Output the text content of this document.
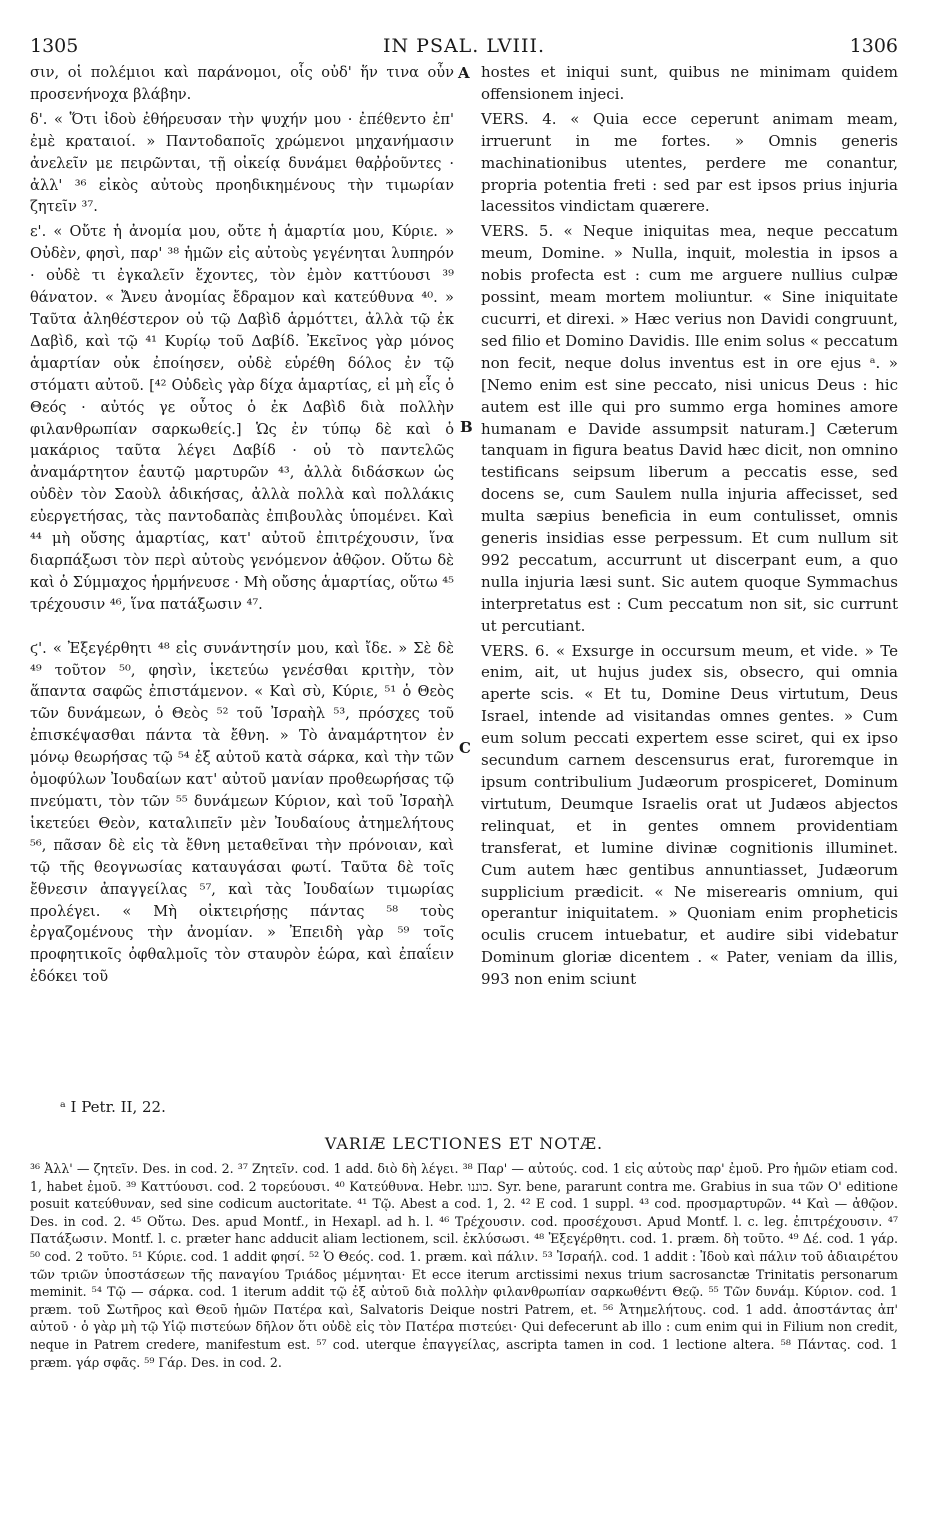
1305	IN PSAL. LVIII.	1306

σιν, οἱ πολέμιοι καὶ παράνομοι, οἷς οὐδ' ἥν τινα οὖν προσενήνοχα βλάβην.

δ'. « Ὅτι ἰδοὺ ἐθήρευσαν τὴν ψυχήν μου · ἐπέθεντο ἐπ' ἐμὲ κραταιοί. » Παντοδαποῖς χρώμενοι μηχανήμασιν ἀνελεῖν με πειρῶνται, τῇ οἰκείᾳ δυνάμει θαῤῥοῦντες · ἀλλ' ³⁶ εἰκὸς αὐτοὺς προηδικημένους τὴν τιμωρίαν ζητεῖν ³⁷.

ε'. « Οὔτε ἡ ἀνομία μου, οὔτε ἡ ἁμαρτία μου, Κύριε. » Οὐδὲν, φησὶ, παρ' ³⁸ ἡμῶν εἰς αὐτοὺς γεγένηται λυπηρόν · οὐδὲ τι ἐγκαλεῖν ἔχοντες, τὸν ἐμὸν καττύουσι ³⁹ θάνατον. « Ἄνευ ἀνομίας ἔδραμον καὶ κατεύθυνα ⁴⁰. » Ταῦτα ἀληθέστερον οὐ τῷ Δαβὶδ ἁρμόττει, ἀλλὰ τῷ ἐκ Δαβὶδ, καὶ τῷ ⁴¹ Κυρίῳ τοῦ Δαβίδ. Ἐκεῖνος γὰρ μόνος ἁμαρτίαν οὐκ ἐποίησεν, οὐδὲ εὑρέθη δόλος ἐν τῷ στόματι αὐτοῦ. [⁴² Οὐδεὶς γὰρ δίχα ἁμαρτίας, εἰ μὴ εἷς ὁ Θεός · αὐτός γε οὗτος ὁ ἐκ Δαβὶδ διὰ πολλὴν φιλανθρωπίαν σαρκωθείς.] Ὡς ἐν τύπῳ δὲ καὶ ὁ μακάριος ταῦτα λέγει Δαβίδ · οὐ τὸ παντελῶς ἀναμάρτητον ἑαυτῷ μαρτυρῶν ⁴³, ἀλλὰ διδάσκων ὡς οὐδὲν τὸν Σαοὺλ ἀδικήσας, ἀλλὰ πολλὰ καὶ πολλάκις εὐεργετήσας, τὰς παντοδαπὰς ἐπιβουλὰς ὑπομένει. Καὶ ⁴⁴ μὴ οὔσης ἁμαρτίας, κατ' αὐτοῦ ἐπιτρέχουσιν, ἵνα διαρπάξωσι τὸν περὶ αὐτοὺς γενόμενον ἀθῷον. Οὕτω δὲ καὶ ὁ Σύμμαχος ἡρμήνευσε · Μὴ οὔσης ἁμαρτίας, οὕτω ⁴⁵ τρέχουσιν ⁴⁶, ἵνα πατάξωσιν ⁴⁷.

ϛ'. « Ἐξεγέρθητι ⁴⁸ εἰς συνάντησίν μου, καὶ ἴδε. » Σὲ δὲ ⁴⁹ τοῦτον ⁵⁰, φησὶν, ἱκετεύω γενέσθαι κριτὴν, τὸν ἅπαντα σαφῶς ἐπιστάμενον. « Καὶ σὺ, Κύριε, ⁵¹ ὁ Θεὸς τῶν δυνάμεων, ὁ Θεὸς ⁵² τοῦ Ἰσραὴλ ⁵³, πρόσχες τοῦ ἐπισκέψασθαι πάντα τὰ ἔθνη. » Τὸ ἀναμάρτητον ἐν μόνῳ θεωρήσας τῷ ⁵⁴ ἐξ αὐτοῦ κατὰ σάρκα, καὶ τὴν τῶν ὁμοφύλων Ἰουδαίων κατ' αὐτοῦ μανίαν προθεωρήσας τῷ πνεύματι, τὸν τῶν ⁵⁵ δυνάμεων Κύριον, καὶ τοῦ Ἰσραὴλ ἱκετεύει Θεὸν, καταλιπεῖν μὲν Ἰουδαίους ἀτημελήτους ⁵⁶, πᾶσαν δὲ εἰς τὰ ἔθνη μεταθεῖναι τὴν πρόνοιαν, καὶ τῷ τῆς θεογνωσίας καταυγάσαι φωτί. Ταῦτα δὲ τοῖς ἔθνεσιν ἀπαγγείλας ⁵⁷, καὶ τὰς Ἰουδαίων τιμωρίας προλέγει. « Μὴ οἰκτειρήσῃς πάντας ⁵⁸ τοὺς ἐργαζομένους τὴν ἀνομίαν. » Ἐπειδὴ γὰρ ⁵⁹ τοῖς προφητικοῖς ὀφθαλμοῖς τὸν σταυρὸν ἑώρα, καὶ ἐπαΐειν ἐδόκει τοῦ

A
B
C

hostes et iniqui sunt, quibus ne minimam quidem offensionem injeci.

VERS. 4. « Quia ecce ceperunt animam meam, irruerunt in me fortes. » Omnis generis machinationibus utentes, perdere me conantur, propria potentia freti : sed par est ipsos prius injuria lacessitos vindictam quærere.

VERS. 5. « Neque iniquitas mea, neque peccatum meum, Domine. » Nulla, inquit, molestia in ipsos a nobis profecta est : cum me arguere nullius culpæ possint, meam mortem moliuntur. « Sine iniquitate cucurri, et direxi. » Hæc verius non Davidi congruunt, sed filio et Domino Davidis. Ille enim solus « peccatum non fecit, neque dolus inventus est in ore ejus ᵃ. » [Nemo enim est sine peccato, nisi unicus Deus : hic autem est ille qui pro summo erga homines amore humanam e Davide assumpsit naturam.] Cæterum tanquam in figura beatus David hæc dicit, non omnino testificans seipsum liberum a peccatis esse, sed docens se, cum Saulem nulla injuria affecisset, sed multa sæpius beneficia in eum contulisset, omnis generis insidias esse perpessum. Et cum nullum sit 992 peccatum, accurrunt ut discerpant eum, a quo nulla injuria læsi sunt. Sic autem quoque Symmachus interpretatus est : Cum peccatum non sit, sic currunt ut percutiant.

VERS. 6. « Exsurge in occursum meum, et vide. » Te enim, ait, ut hujus judex sis, obsecro, qui omnia aperte scis. « Et tu, Domine Deus virtutum, Deus Israel, intende ad visitandas omnes gentes. » Cum eum solum peccati expertem esse sciret, qui ex ipso secundum carnem descensurus erat, furoremque in ipsum contribulium Judæorum prospiceret, Dominum virtutum, Deumque Israelis orat ut Judæos abjectos relinquat, et in gentes omnem providentiam transferat, et lumine divinæ cognitionis illuminet. Cum autem hæc gentibus annuntiasset, Judæorum supplicium prædicit. « Ne miserearis omnium, qui operantur iniquitatem. » Quoniam enim propheticis oculis crucem intuebatur, et audire sibi videbatur Dominum gloriæ dicentem . « Pater, veniam da illis, 993 non enim sciunt

ᵃ I Petr. II, 22.
VARIÆ LECTIONES ET NOTÆ.

³⁶ Ἀλλ' — ζητεῖν. Des. in cod. 2. ³⁷ Ζητεῖν. cod. 1 add. διὸ δὴ λέγει. ³⁸ Παρ' — αὐτούς. cod. 1 εἰς αὐτοὺς παρ' ἐμοῦ. Pro ἡμῶν etiam cod. 1, habet ἐμοῦ. ³⁹ Καττύουσι. cod. 2 τορεύουσι. ⁴⁰ Κατεύθυνα. Hebr. כוננו. Syr. bene, pararunt contra me. Grabius in sua τῶν Ο' editione posuit κατεύθυναν, sed sine codicum auctoritate. ⁴¹ Τῷ. Abest a cod. 1, 2. ⁴² E cod. 1 suppl. ⁴³ cod. προσμαρτυρῶν. ⁴⁴ Καὶ — ἀθῷον. Des. in cod. 2. ⁴⁵ Οὕτω. Des. apud Montf., in Hexapl. ad h. l. ⁴⁶ Τρέχουσιν. cod. προσέχουσι. Apud Montf. l. c. leg. ἐπιτρέχουσιν. ⁴⁷ Πατάξωσιν. Montf. l. c. præter hanc adducit aliam lectionem, scil. ἐκλύσωσι. ⁴⁸ Ἐξεγέρθητι. cod. 1. præm. δὴ τοῦτο. ⁴⁹ Δέ. cod. 1 γάρ. ⁵⁰ cod. 2 τοῦτο. ⁵¹ Κύριε. cod. 1 addit φησί. ⁵² Ὁ Θεός. cod. 1. præm. καὶ πάλιν. ⁵³ Ἰσραήλ. cod. 1 addit : Ἰδοὺ καὶ πάλιν τοῦ ἀδιαιρέτου τῶν τριῶν ὑποστάσεων τῆς παναγίου Τριάδος μέμνηται· Et ecce iterum arctissimi nexus trium sacrosanctæ Trinitatis personarum meminit. ⁵⁴ Τῷ — σάρκα. cod. 1 iterum addit τῷ ἐξ αὐτοῦ διὰ πολλὴν φιλανθρωπίαν σαρκωθέντι Θεῷ. ⁵⁵ Τῶν δυνάμ. Κύριον. cod. 1 præm. τοῦ Σωτῆρος καὶ Θεοῦ ἡμῶν Πατέρα καὶ, Salvatoris Deique nostri Patrem, et. ⁵⁶ Ἀτημελήτους. cod. 1 add. ἀποστάντας ἀπ' αὐτοῦ · ὁ γὰρ μὴ τῷ Υἱῷ πιστεύων δῆλον ὅτι οὐδὲ εἰς τὸν Πατέρα πιστεύει· Qui defecerunt ab illo : cum enim qui in Filium non credit, neque in Patrem credere, manifestum est. ⁵⁷ cod. uterque ἐπαγγείλας, ascripta tamen in cod. 1 lectione altera. ⁵⁸ Πάντας. cod. 1 præm. γάρ σφᾶς. ⁵⁹ Γάρ. Des. in cod. 2.
